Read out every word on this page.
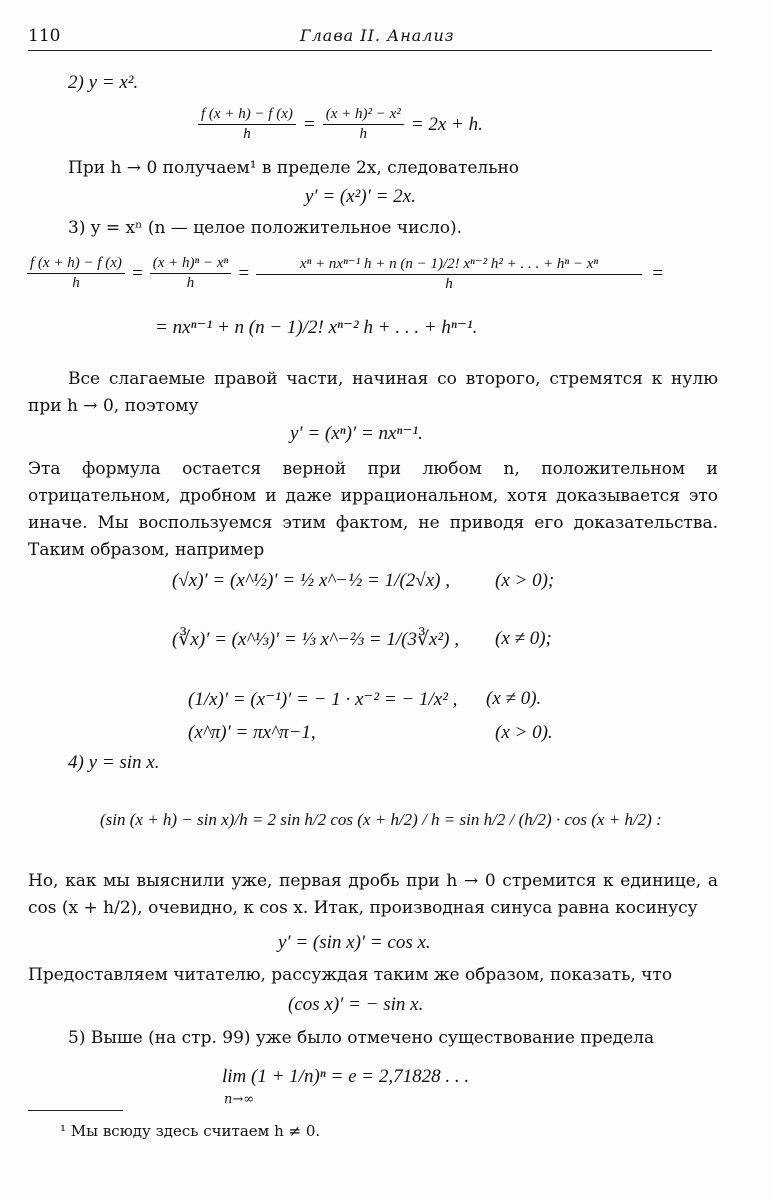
110	Глава II. Анализ
2) y = x².
$\frac{f (x + h) - f (x)}{h} = \frac{\text{(x + h)² − x²}}{h} = 2x + h$.
При h → 0 получаем¹ в пределе 2x, следовательно
y′ = (x²)′ = 2x.
3) y = xⁿ (n — целое положительное число).
$\frac{f (x + h) - f (x)}{h} = \frac{\text{(x + h)ⁿ − xⁿ}}{h} = \frac{\text{xⁿ + nxⁿ⁻¹ h + n (n − 1)/2! xⁿ⁻² h² + . . . + hⁿ − xⁿ}}{h}$ =
= nxⁿ⁻¹ + n (n − 1)/2! xⁿ⁻² h + . . . + hⁿ⁻¹.
Все слагаемые правой части, начиная со второго, стремятся к нулю при h → 0, поэтому
y′ = (xⁿ)′ = nxⁿ⁻¹.
Эта формула остается верной при любом n, положительном и отрицательном, дробном и даже иррациональном, хотя доказывается это иначе. Мы воспользуемся этим фактом, не приводя его доказательства. Таким образом, например
(√x)′ = (x^½)′ = ½ x^−½ = 1/(2√x) , (x > 0);
(∛x)′ = (x^⅓)′ = ⅓ x^−⅔ = 1/(3∛x²) , (x ≠ 0);
(1/x)′ = (x⁻¹)′ = − 1 · x⁻² = − 1/x² , (x ≠ 0).
(x^π)′ = πx^π−1,	(x > 0).
4) y = sin x.
(sin (x + h) − sin x)/h = 2 sin h/2 cos (x + h/2) / h = sin h/2 / (h/2) · cos (x + h/2) :
Но, как мы выяснили уже, первая дробь при h → 0 стремится к единице, а cos (x + h/2), очевидно, к cos x. Итак, производная синуса равна косинусу
y′ = (sin x)′ = cos x.
Предоставляем читателю, рассуждая таким же образом, показать, что
(cos x)′ = − sin x.
5) Выше (на стр. 99) уже было отмечено существование предела
lim (1 + 1/n)ⁿ = e = 2,71828 . . .
n→∞
¹ Мы всюду здесь считаем h ≠ 0.
